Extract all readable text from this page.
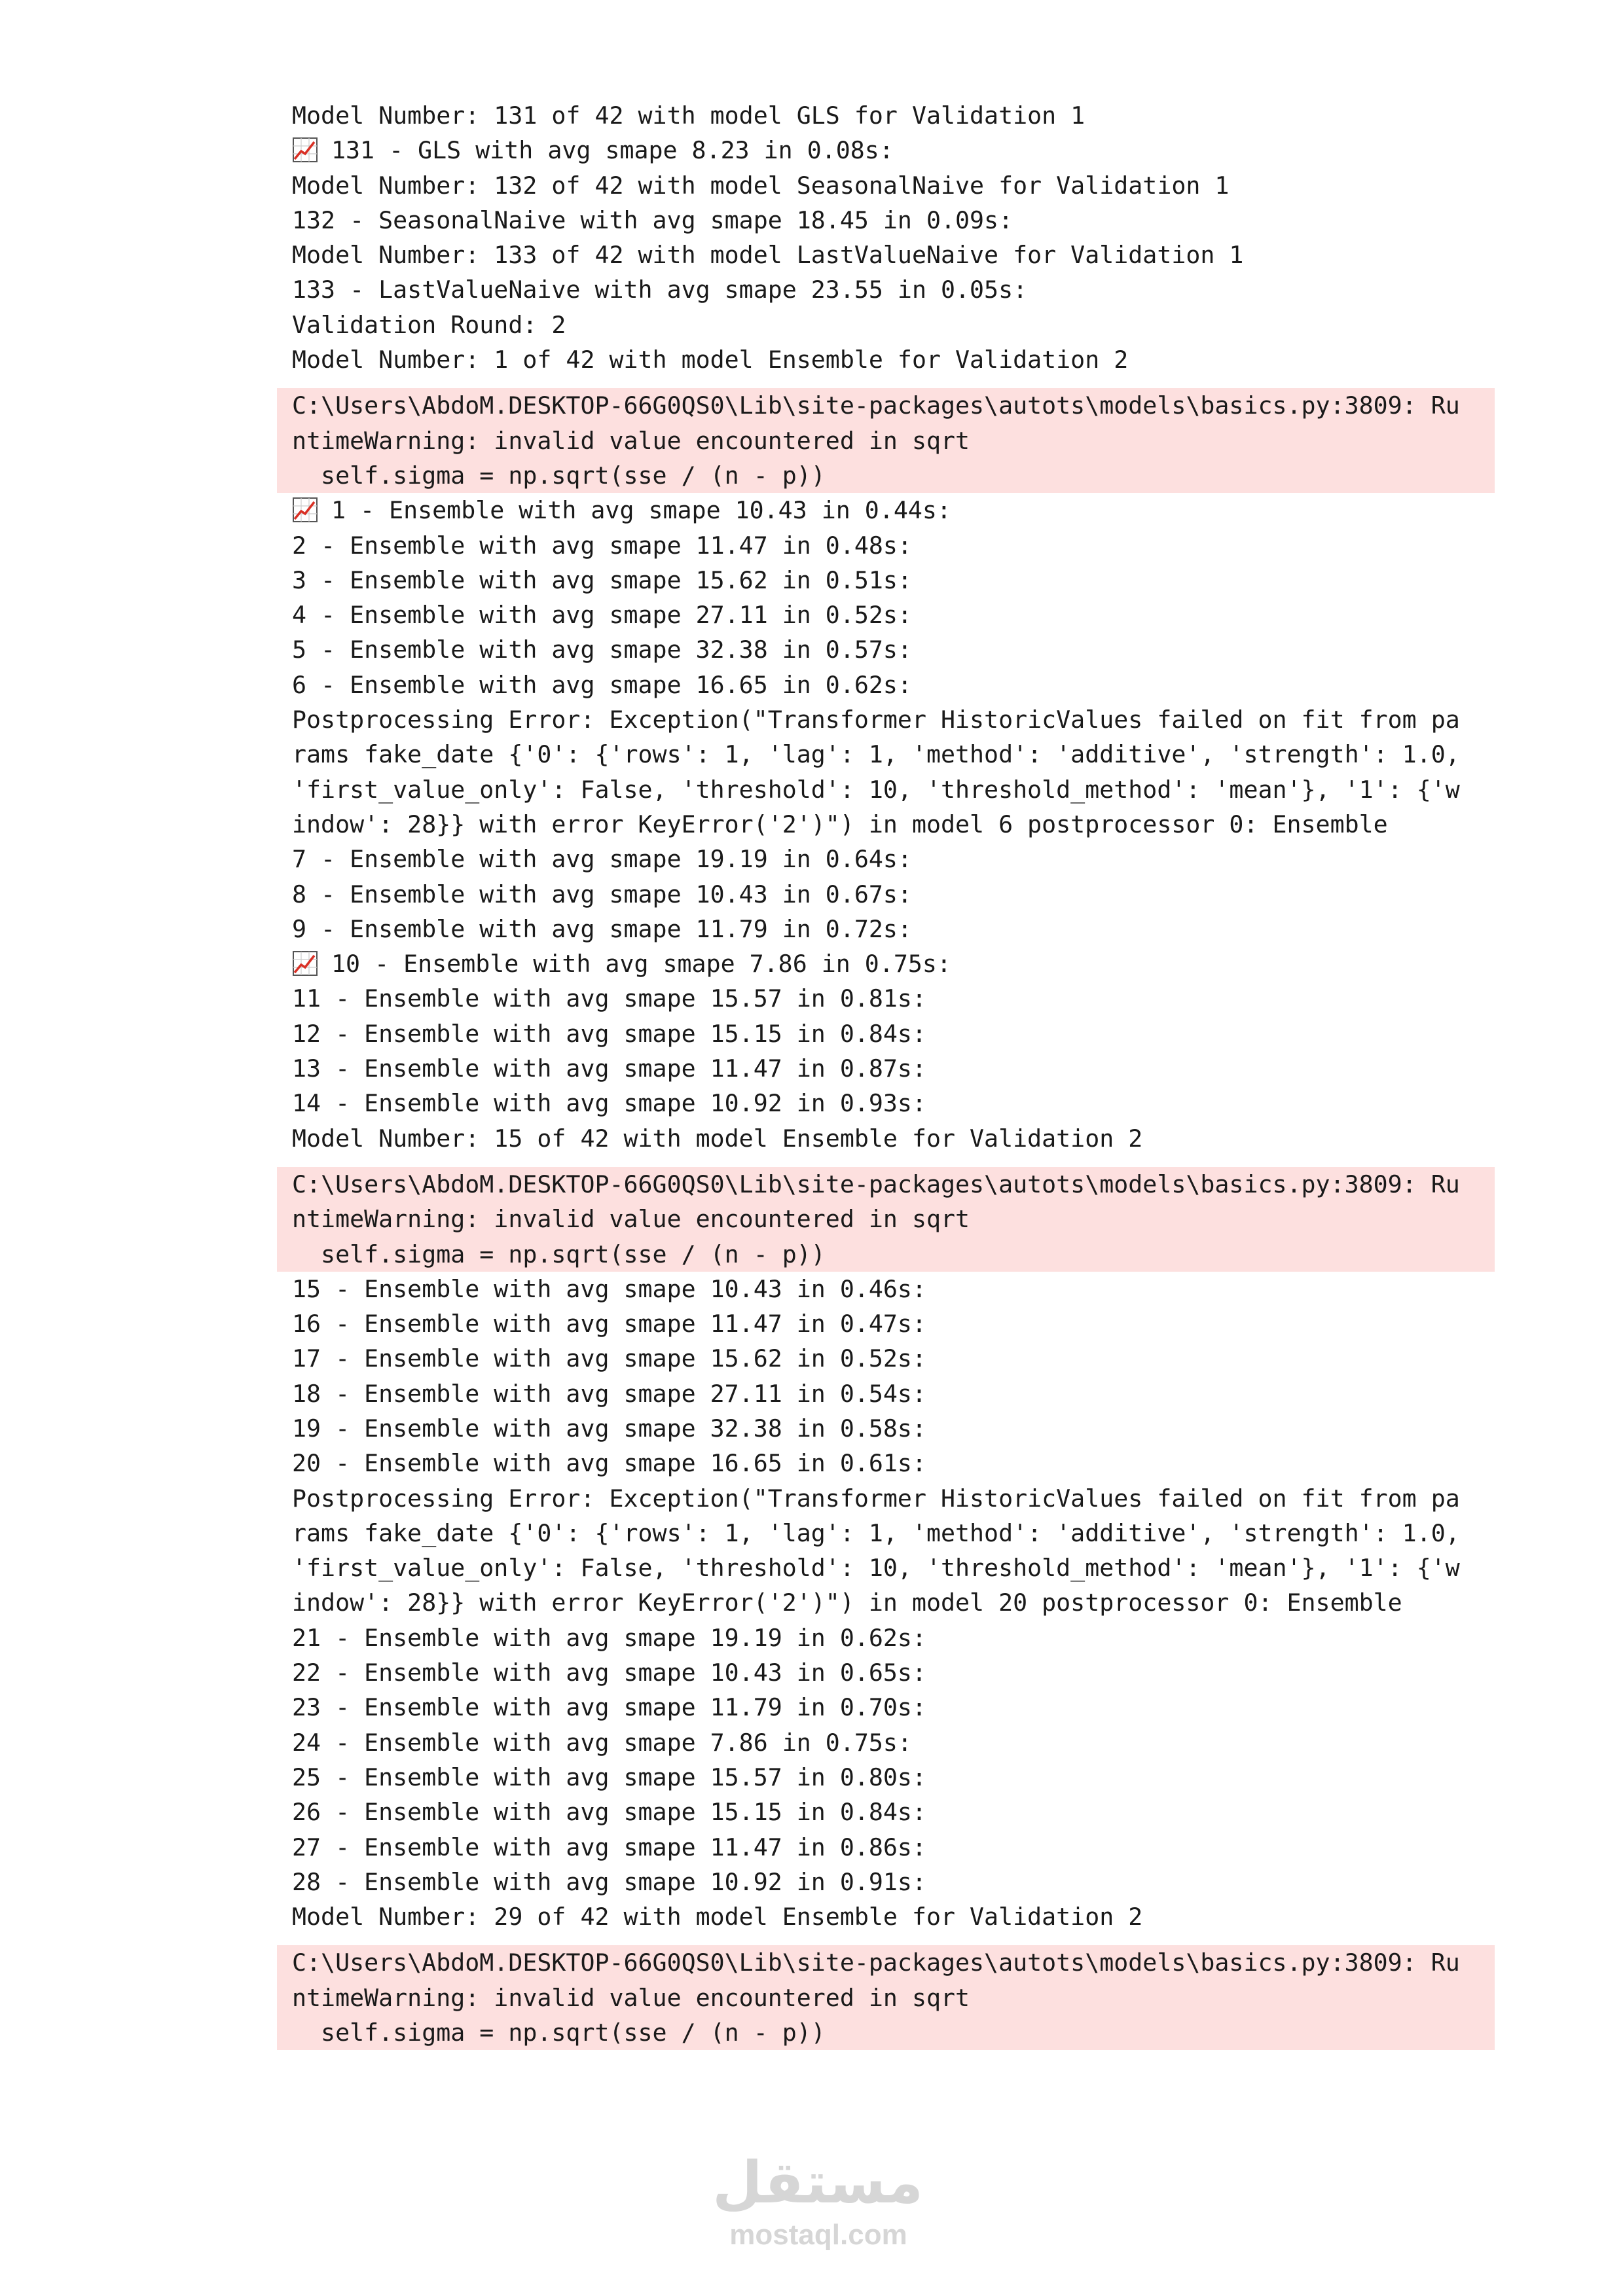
Model Number: 131 of 42 with model GLS for Validation 1
131 - GLS with avg smape 8.23 in 0.08s:
Model Number: 132 of 42 with model SeasonalNaive for Validation 1
132 - SeasonalNaive with avg smape 18.45 in 0.09s:
Model Number: 133 of 42 with model LastValueNaive for Validation 1
133 - LastValueNaive with avg smape 23.55 in 0.05s:
Validation Round: 2
Model Number: 1 of 42 with model Ensemble for Validation 2
C:\Users\AbdoM.DESKTOP-66G0QS0\Lib\site-packages\autots\models\basics.py:3809: Ru
ntimeWarning: invalid value encountered in sqrt
self.sigma = np.sqrt(sse / (n - p))
1 - Ensemble with avg smape 10.43 in 0.44s:
2 - Ensemble with avg smape 11.47 in 0.48s:
3 - Ensemble with avg smape 15.62 in 0.51s:
4 - Ensemble with avg smape 27.11 in 0.52s:
5 - Ensemble with avg smape 32.38 in 0.57s:
6 - Ensemble with avg smape 16.65 in 0.62s:
Postprocessing Error: Exception("Transformer HistoricValues failed on fit from pa
rams fake_date {'0': {'rows': 1, 'lag': 1, 'method': 'additive', 'strength': 1.0,
'first_value_only': False, 'threshold': 10, 'threshold_method': 'mean'}, '1': {'w
indow': 28}} with error KeyError('2')") in model 6 postprocessor 0: Ensemble
7 - Ensemble with avg smape 19.19 in 0.64s:
8 - Ensemble with avg smape 10.43 in 0.67s:
9 - Ensemble with avg smape 11.79 in 0.72s:
10 - Ensemble with avg smape 7.86 in 0.75s:
11 - Ensemble with avg smape 15.57 in 0.81s:
12 - Ensemble with avg smape 15.15 in 0.84s:
13 - Ensemble with avg smape 11.47 in 0.87s:
14 - Ensemble with avg smape 10.92 in 0.93s:
Model Number: 15 of 42 with model Ensemble for Validation 2
C:\Users\AbdoM.DESKTOP-66G0QS0\Lib\site-packages\autots\models\basics.py:3809: Ru
ntimeWarning: invalid value encountered in sqrt
self.sigma = np.sqrt(sse / (n - p))
15 - Ensemble with avg smape 10.43 in 0.46s:
16 - Ensemble with avg smape 11.47 in 0.47s:
17 - Ensemble with avg smape 15.62 in 0.52s:
18 - Ensemble with avg smape 27.11 in 0.54s:
19 - Ensemble with avg smape 32.38 in 0.58s:
20 - Ensemble with avg smape 16.65 in 0.61s:
Postprocessing Error: Exception("Transformer HistoricValues failed on fit from pa
rams fake_date {'0': {'rows': 1, 'lag': 1, 'method': 'additive', 'strength': 1.0,
'first_value_only': False, 'threshold': 10, 'threshold_method': 'mean'}, '1': {'w
indow': 28}} with error KeyError('2')") in model 20 postprocessor 0: Ensemble
21 - Ensemble with avg smape 19.19 in 0.62s:
22 - Ensemble with avg smape 10.43 in 0.65s:
23 - Ensemble with avg smape 11.79 in 0.70s:
24 - Ensemble with avg smape 7.86 in 0.75s:
25 - Ensemble with avg smape 15.57 in 0.80s:
26 - Ensemble with avg smape 15.15 in 0.84s:
27 - Ensemble with avg smape 11.47 in 0.86s:
28 - Ensemble with avg smape 10.92 in 0.91s:
Model Number: 29 of 42 with model Ensemble for Validation 2
C:\Users\AbdoM.DESKTOP-66G0QS0\Lib\site-packages\autots\models\basics.py:3809: Ru
ntimeWarning: invalid value encountered in sqrt
self.sigma = np.sqrt(sse / (n - p))
مستقل
mostaql.com
